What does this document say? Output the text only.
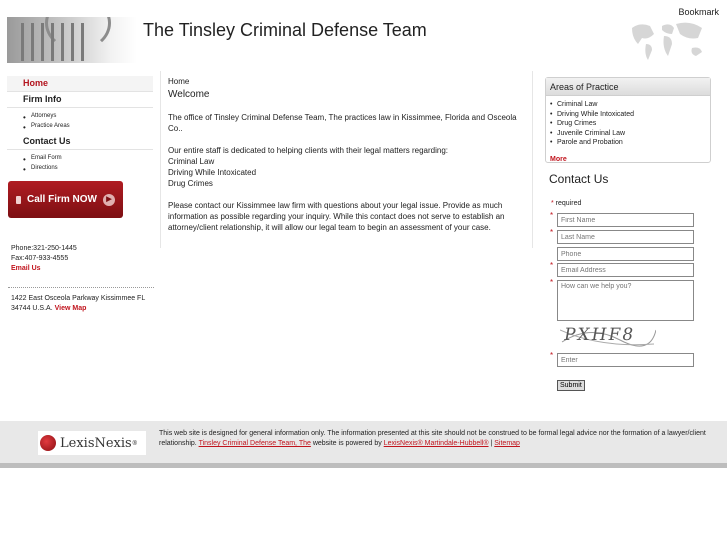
The Tinsley Criminal Defense Team
Bookmark
Home
Firm Info
• Attorneys
• Practice Areas
Contact Us
• Email Form
• Directions
Call Firm NOW	▶
Phone:321-250-1445
Fax:407-933-4555
Email Us
1422 East Osceola Parkway Kissimmee FL 34744 U.S.A. View Map
Home
Welcome

The office of Tinsley Criminal Defense Team, The practices law in Kissimmee, Florida and Osceola Co..

Our entire staff is dedicated to helping clients with their legal matters regarding:
Criminal Law
Driving While Intoxicated
Drug Crimes

Please contact our Kissimmee law firm with questions about your legal issue. Provide as much information as possible regarding your inquiry. While this contact does not serve to establish an attorney/client relationship, it will allow our legal team to begin an assessment of your case.

Areas of Practice
• Criminal Law
• Driving While Intoxicated
• Drug Crimes
• Juvenile Criminal Law
• Parole and Probation
More
Contact Us
* required
*
First Name
*
Last Name
Phone
*
Email Address
*
How can we help you?
PXHF8
*
Enter
Submit
LexisNexis ®
This web site is designed for general information only. The information presented at this site should not be construed to be formal legal advice nor the formation of a lawyer/client relationship. Tinsley Criminal Defense Team, The website is powered by LexisNexis® Martindale-Hubbell® | Sitemap
